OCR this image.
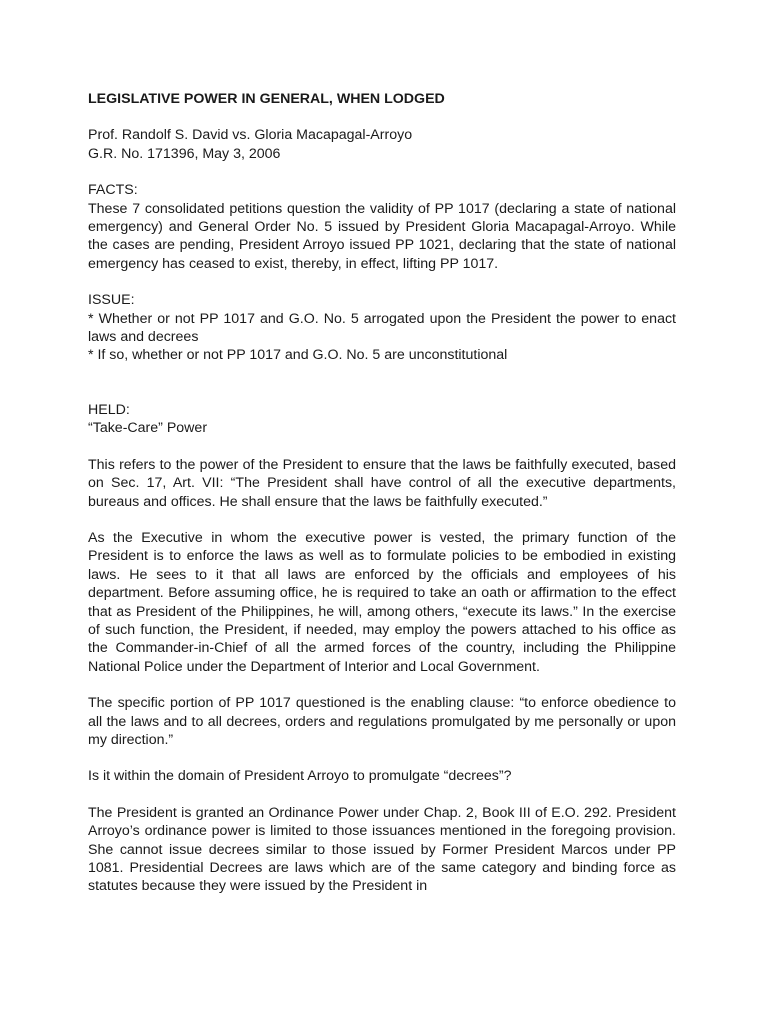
LEGISLATIVE POWER IN GENERAL, WHEN LODGED

Prof. Randolf S. David vs. Gloria Macapagal-Arroyo

G.R. No. 171396, May 3, 2006

FACTS:

These 7 consolidated petitions question the validity of PP 1017 (declaring a state of national emergency) and General Order No. 5 issued by President Gloria Macapagal-Arroyo. While the cases are pending, President Arroyo issued PP 1021, declaring that the state of national emergency has ceased to exist, thereby, in effect, lifting PP 1017.

ISSUE:

* Whether or not PP 1017 and G.O. No. 5 arrogated upon the President the power to enact laws and decrees

* If so, whether or not PP 1017 and G.O. No. 5 are unconstitutional

HELD:

“Take-Care” Power

This refers to the power of the President to ensure that the laws be faithfully executed, based on Sec. 17, Art. VII: “The President shall have control of all the executive departments, bureaus and offices. He shall ensure that the laws be faithfully executed.”

As the Executive in whom the executive power is vested, the primary function of the President is to enforce the laws as well as to formulate policies to be embodied in existing laws. He sees to it that all laws are enforced by the officials and employees of his department. Before assuming office, he is required to take an oath or affirmation to the effect that as President of the Philippines, he will, among others, “execute its laws.” In the exercise of such function, the President, if needed, may employ the powers attached to his office as the Commander-in-Chief of all the armed forces of the country, including the Philippine National Police under the Department of Interior and Local Government.

The specific portion of PP 1017 questioned is the enabling clause: “to enforce obedience to all the laws and to all decrees, orders and regulations promulgated by me personally or upon my direction.”

Is it within the domain of President Arroyo to promulgate “decrees”?

The President is granted an Ordinance Power under Chap. 2, Book III of E.O. 292. President Arroyo’s ordinance power is limited to those issuances mentioned in the foregoing provision. She cannot issue decrees similar to those issued by Former President Marcos under PP 1081. Presidential Decrees are laws which are of the same category and binding force as statutes because they were issued by the President in
